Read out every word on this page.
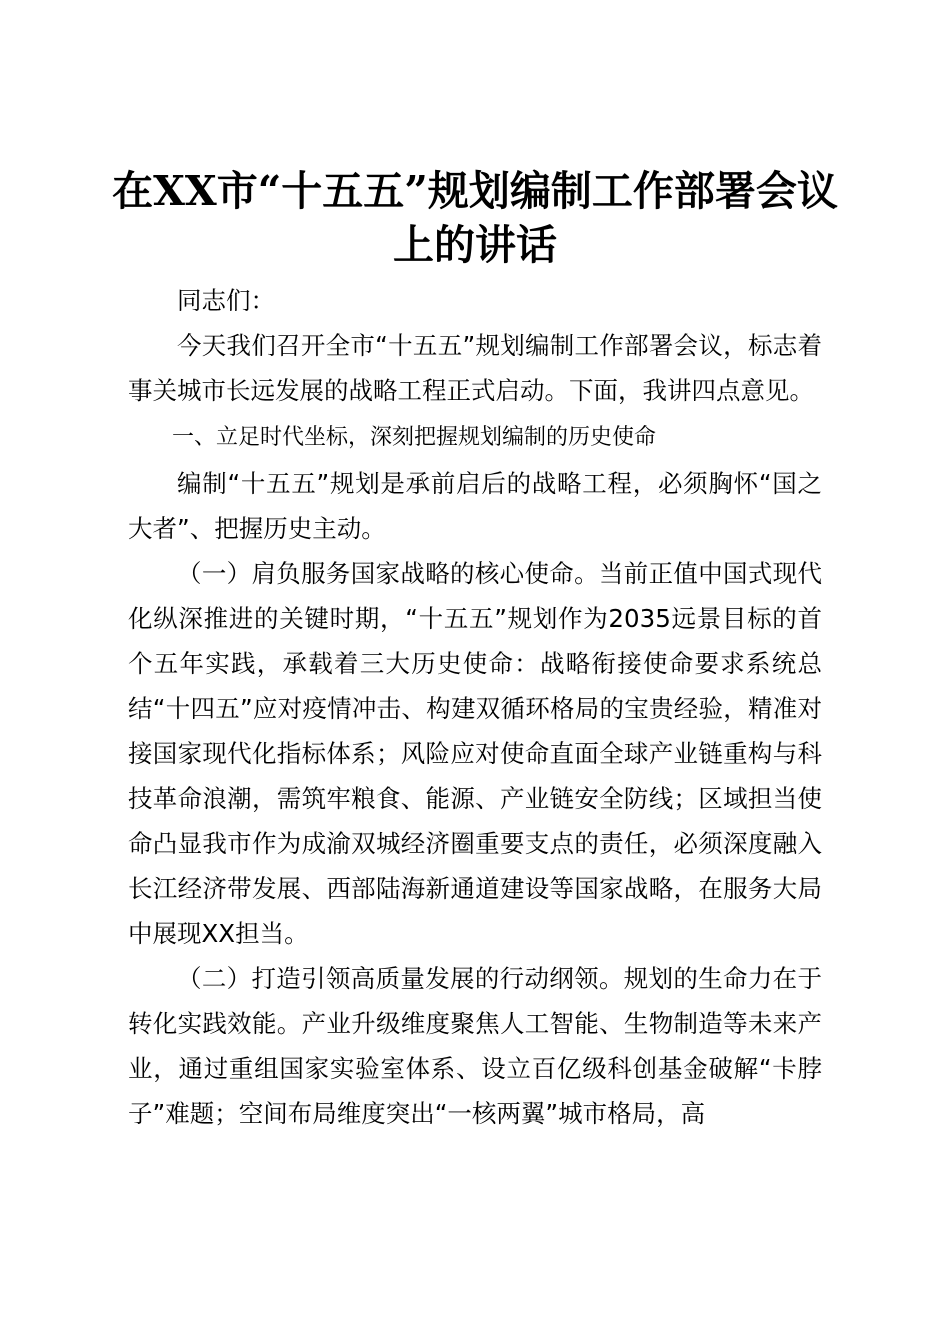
在XX市“十五五”规划编制工作部署会议上的讲话

同志们：

今天我们召开全市“十五五”规划编制工作部署会议，标志着事关城市长远发展的战略工程正式启动。下面，我讲四点意见。

一、立足时代坐标，深刻把握规划编制的历史使命

编制“十五五”规划是承前启后的战略工程，必须胸怀“国之大者”、把握历史主动。

（一）肩负服务国家战略的核心使命。当前正值中国式现代化纵深推进的关键时期，“十五五”规划作为2035远景目标的首个五年实践，承载着三大历史使命：战略衔接使命要求系统总结“十四五”应对疫情冲击、构建双循环格局的宝贵经验，精准对接国家现代化指标体系；风险应对使命直面全球产业链重构与科技革命浪潮，需筑牢粮食、能源、产业链安全防线；区域担当使命凸显我市作为成渝双城经济圈重要支点的责任，必须深度融入长江经济带发展、西部陆海新通道建设等国家战略，在服务大局中展现XX担当。

（二）打造引领高质量发展的行动纲领。规划的生命力在于转化实践效能。产业升级维度聚焦人工智能、生物制造等未来产业，通过重组国家实验室体系、设立百亿级科创基金破解“卡脖子”难题；空间布局维度突出“一核两翼”城市格局，高
